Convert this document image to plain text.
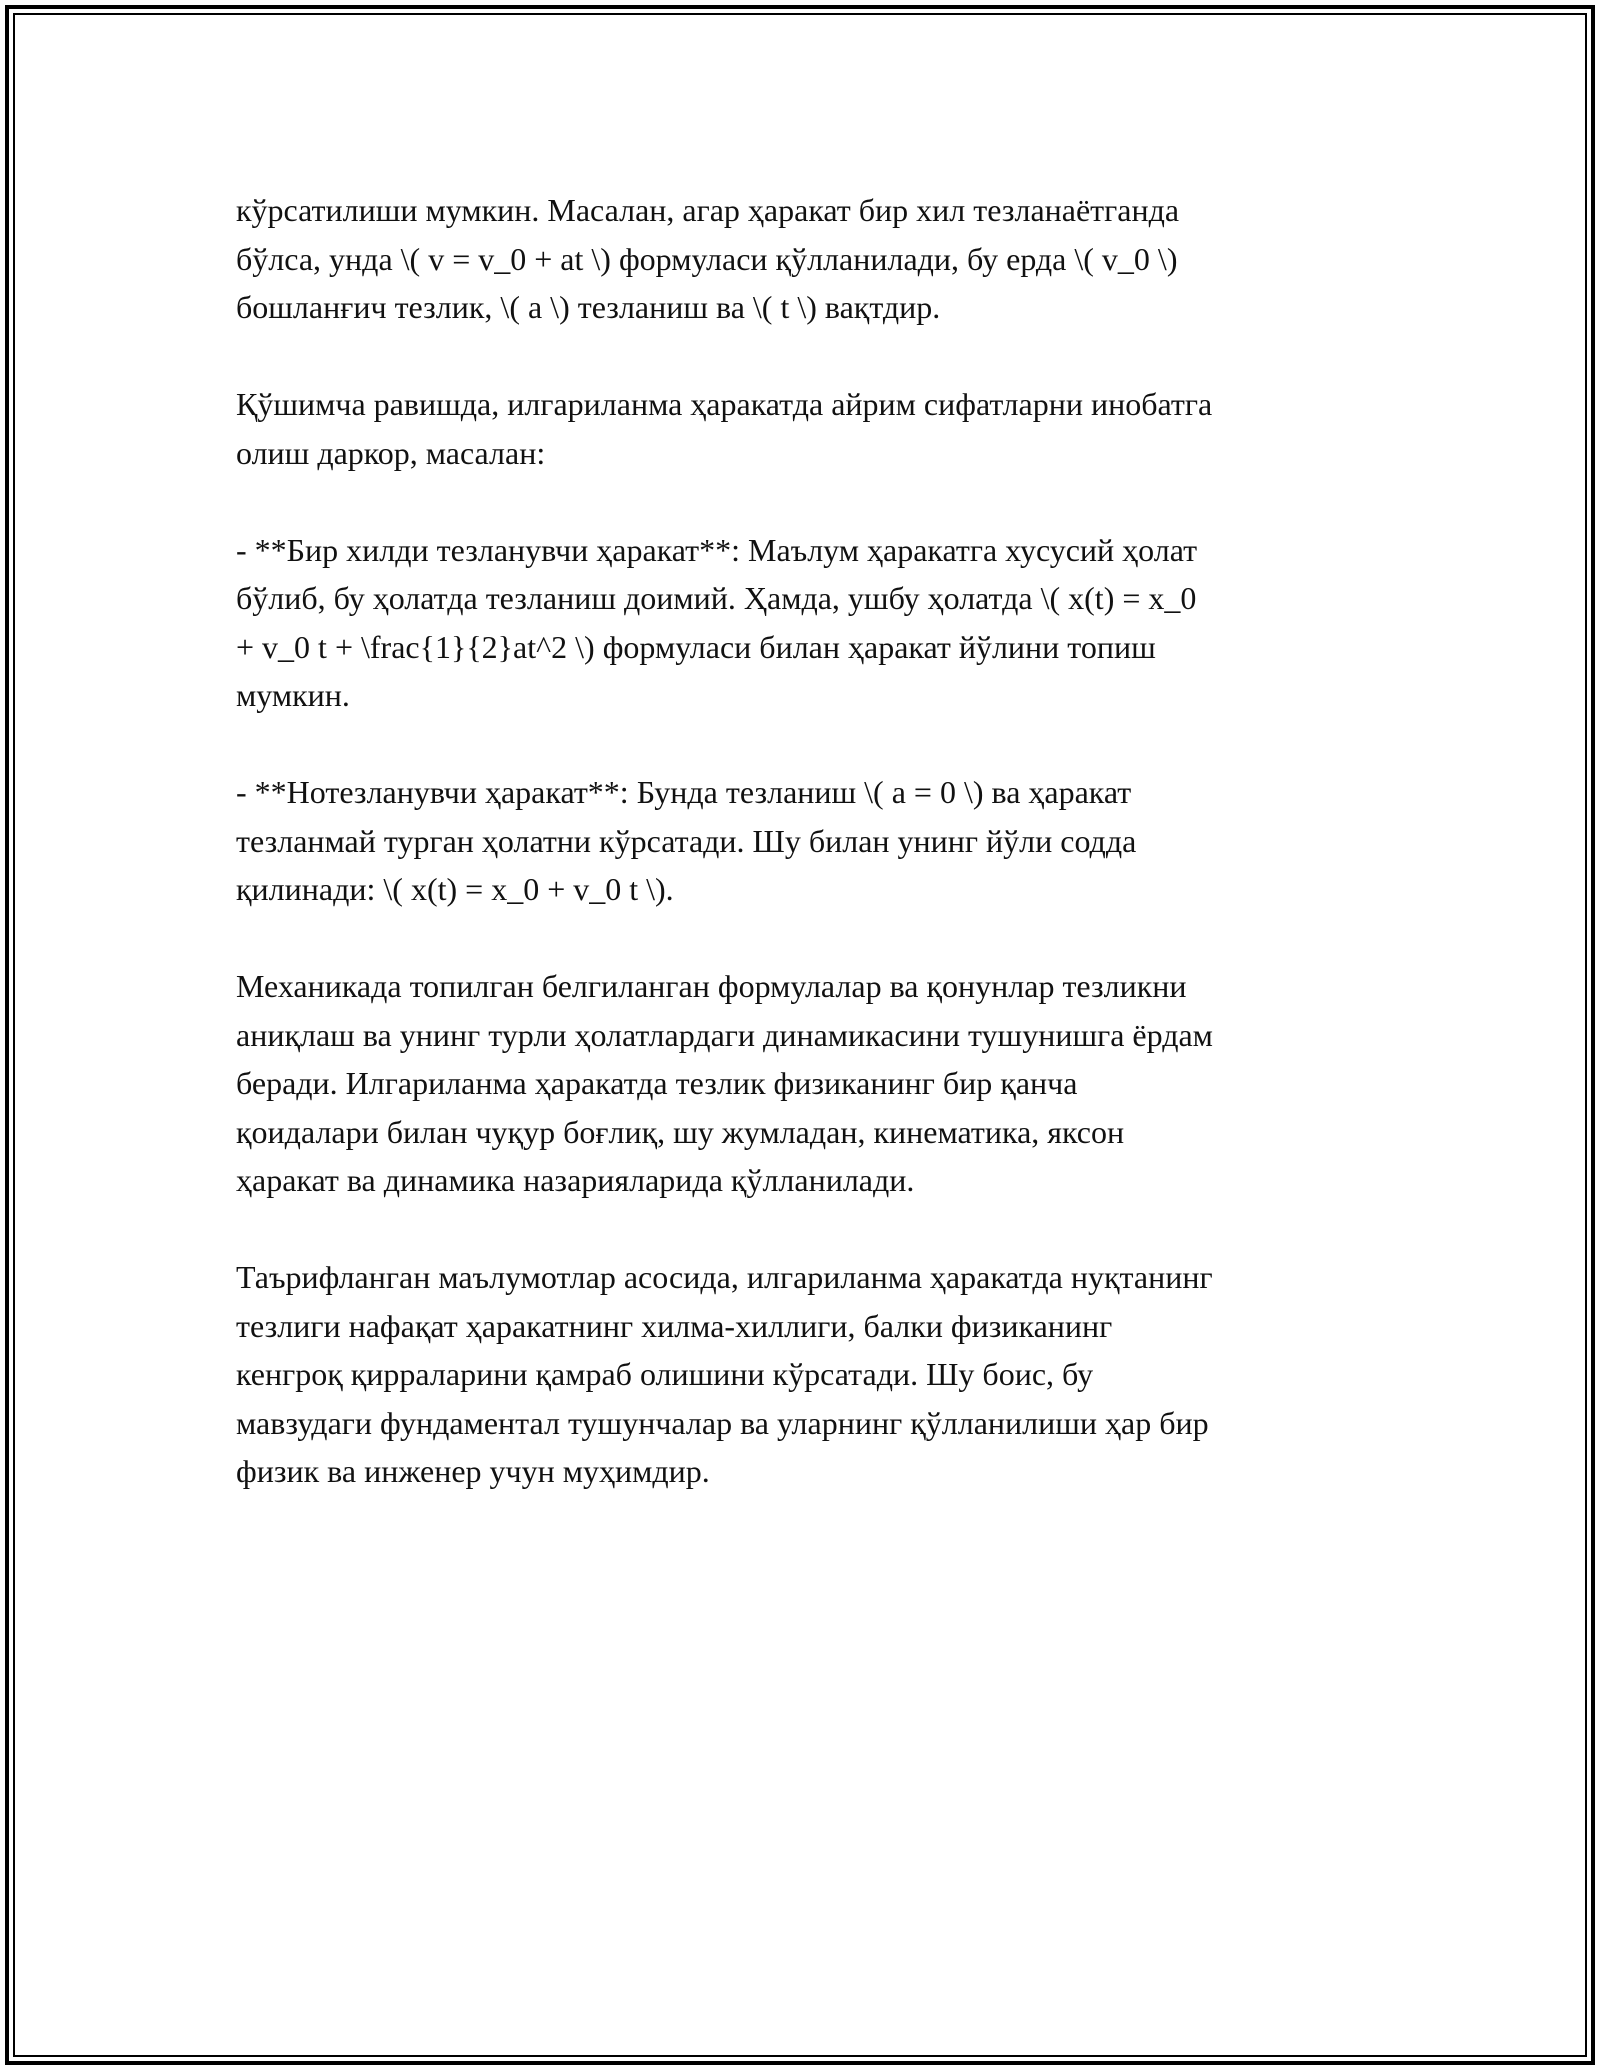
кўрсатилиши мумкин. Масалан, агар ҳаракат бир хил тезланаётганда
бўлса, унда \( v = v_0 + at \) формуласи қўлланилади, бу ерда \( v_0 \)
бошланғич тезлик, \( a \) тезланиш ва \( t \) вақтдир.

Қўшимча равишда, илгариланма ҳаракатда айрим сифатларни инобатга
олиш даркор, масалан:

- **Бир хилди тезланувчи ҳаракат**: Маълум ҳаракатга хусусий ҳолат
бўлиб, бу ҳолатда тезланиш доимий. Ҳамда, ушбу ҳолатда \( x(t) = x_0
+ v_0 t + \frac{1}{2}at^2 \) формуласи билан ҳаракат йўлини топиш
мумкин.

- **Нотезланувчи ҳаракат**: Бунда тезланиш \( a = 0 \) ва ҳаракат
тезланмай турган ҳолатни кўрсатади. Шу билан унинг йўли содда
қилинади: \( x(t) = x_0 + v_0 t \).

Механикада топилган белгиланган формулалар ва қонунлар тезликни
аниқлаш ва унинг турли ҳолатлардаги динамикасини тушунишга ёрдам
беради. Илгариланма ҳаракатда тезлик физиканинг бир қанча
қоидалари билан чуқур боғлиқ, шу жумладан, кинематика, яксон
ҳаракат ва динамика назарияларида қўлланилади.

Таърифланган маълумотлар асосида, илгариланма ҳаракатда нуқтанинг
тезлиги нафақат ҳаракатнинг хилма-хиллиги, балки физиканинг
кенгроқ қирраларини қамраб олишини кўрсатади. Шу боис, бу
мавзудаги фундаментал тушунчалар ва уларнинг қўлланилиши ҳар бир
физик ва инженер учун муҳимдир.
